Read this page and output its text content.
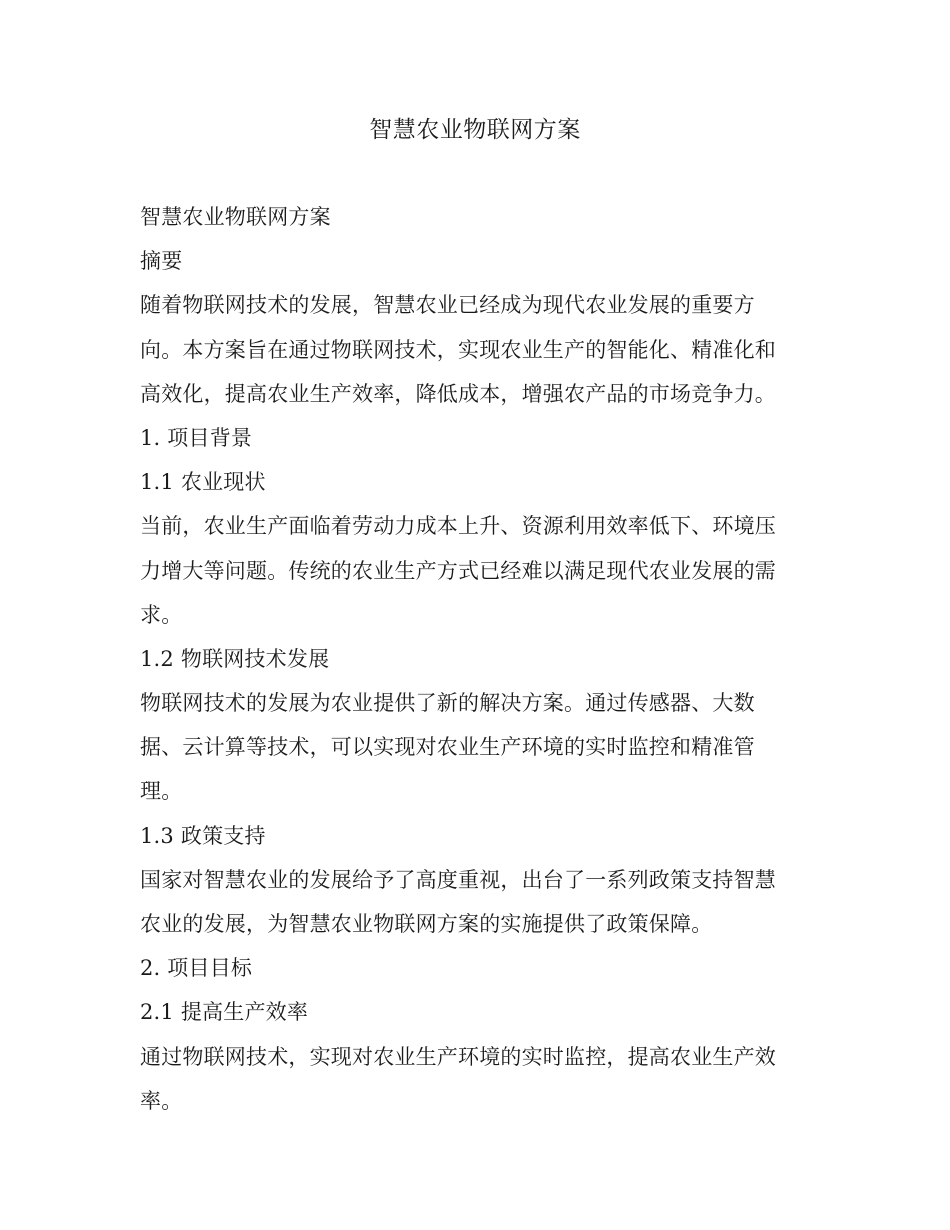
智慧农业物联网方案
智慧农业物联网方案
摘要
随着物联网技术的发展，智慧农业已经成为现代农业发展的重要方
向。本方案旨在通过物联网技术，实现农业生产的智能化、精准化和
高效化，提高农业生产效率，降低成本，增强农产品的市场竞争力。
1. 项目背景
1.1 农业现状
当前，农业生产面临着劳动力成本上升、资源利用效率低下、环境压
力增大等问题。传统的农业生产方式已经难以满足现代农业发展的需
求。
1.2 物联网技术发展
物联网技术的发展为农业提供了新的解决方案。通过传感器、大数
据、云计算等技术，可以实现对农业生产环境的实时监控和精准管
理。
1.3 政策支持
国家对智慧农业的发展给予了高度重视，出台了一系列政策支持智慧
农业的发展，为智慧农业物联网方案的实施提供了政策保障。
2. 项目目标
2.1 提高生产效率
通过物联网技术，实现对农业生产环境的实时监控，提高农业生产效
率。
